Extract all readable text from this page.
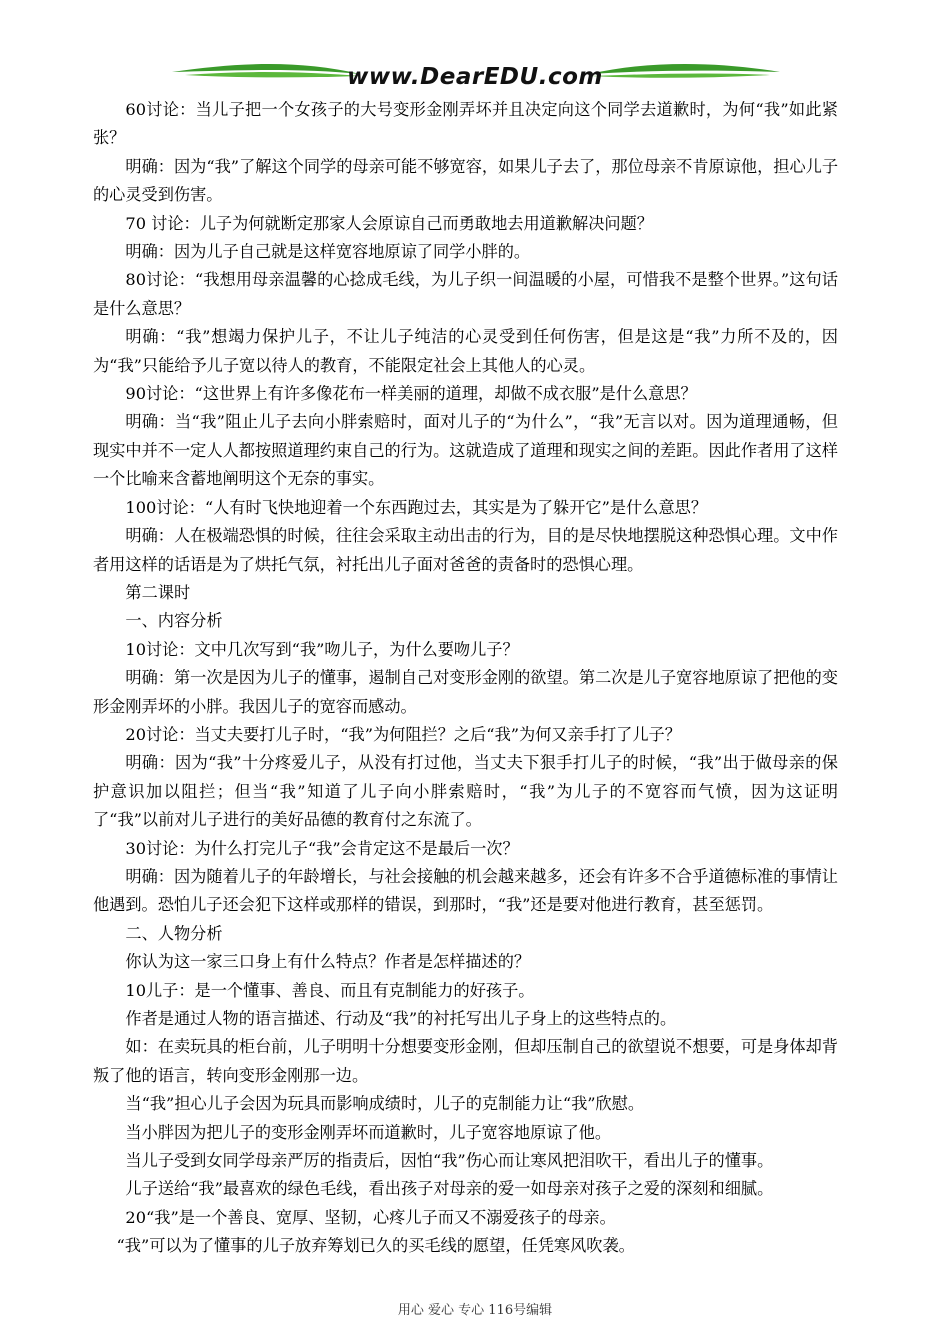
www.DearEDU.com

60讨论：当儿子把一个女孩子的大号变形金刚弄坏并且决定向这个同学去道歉时，为何“我”如此紧张？

明确：因为“我”了解这个同学的母亲可能不够宽容，如果儿子去了，那位母亲不肯原谅他，担心儿子的心灵受到伤害。

70 讨论：儿子为何就断定那家人会原谅自己而勇敢地去用道歉解决问题？

明确：因为儿子自己就是这样宽容地原谅了同学小胖的。

80讨论：“我想用母亲温馨的心捻成毛线，为儿子织一间温暖的小屋，可惜我不是整个世界。”这句话是什么意思？

明确：“我”想竭力保护儿子，不让儿子纯洁的心灵受到任何伤害，但是这是“我”力所不及的，因为“我”只能给予儿子宽以待人的教育，不能限定社会上其他人的心灵。

90讨论：“这世界上有许多像花布一样美丽的道理，却做不成衣服”是什么意思？

明确：当“我”阻止儿子去向小胖索赔时，面对儿子的“为什么”，“我”无言以对。因为道理通畅，但现实中并不一定人人都按照道理约束自己的行为。这就造成了道理和现实之间的差距。因此作者用了这样一个比喻来含蓄地阐明这个无奈的事实。

100讨论：“人有时飞快地迎着一个东西跑过去，其实是为了躲开它”是什么意思？

明确：人在极端恐惧的时候，往往会采取主动出击的行为，目的是尽快地摆脱这种恐惧心理。文中作者用这样的话语是为了烘托气氛，衬托出儿子面对爸爸的责备时的恐惧心理。

第二课时

一、内容分析

10讨论：文中几次写到“我”吻儿子，为什么要吻儿子？

明确：第一次是因为儿子的懂事，遏制自己对变形金刚的欲望。第二次是儿子宽容地原谅了把他的变形金刚弄坏的小胖。我因儿子的宽容而感动。

20讨论：当丈夫要打儿子时，“我”为何阻拦？之后“我”为何又亲手打了儿子？

明确：因为“我”十分疼爱儿子，从没有打过他，当丈夫下狠手打儿子的时候，“我”出于做母亲的保护意识加以阻拦；但当“我”知道了儿子向小胖索赔时，“我”为儿子的不宽容而气愤，因为这证明了“我”以前对儿子进行的美好品德的教育付之东流了。

30讨论：为什么打完儿子“我”会肯定这不是最后一次？

明确：因为随着儿子的年龄增长，与社会接触的机会越来越多，还会有许多不合乎道德标准的事情让他遇到。恐怕儿子还会犯下这样或那样的错误，到那时，“我”还是要对他进行教育，甚至惩罚。

二、人物分析

你认为这一家三口身上有什么特点？作者是怎样描述的？

10儿子：是一个懂事、善良、而且有克制能力的好孩子。

作者是通过人物的语言描述、行动及“我”的衬托写出儿子身上的这些特点的。

如：在卖玩具的柜台前，儿子明明十分想要变形金刚，但却压制自己的欲望说不想要，可是身体却背叛了他的语言，转向变形金刚那一边。

当“我”担心儿子会因为玩具而影响成绩时，儿子的克制能力让“我”欣慰。

当小胖因为把儿子的变形金刚弄坏而道歉时，儿子宽容地原谅了他。

当儿子受到女同学母亲严厉的指责后，因怕“我”伤心而让寒风把泪吹干，看出儿子的懂事。

儿子送给“我”最喜欢的绿色毛线，看出孩子对母亲的爱一如母亲对孩子之爱的深刻和细腻。

20“我”是一个善良、宽厚、坚韧，心疼儿子而又不溺爱孩子的母亲。

“我”可以为了懂事的儿子放弃筹划已久的买毛线的愿望，任凭寒风吹袭。

用心 爱心 专心 116号编辑
